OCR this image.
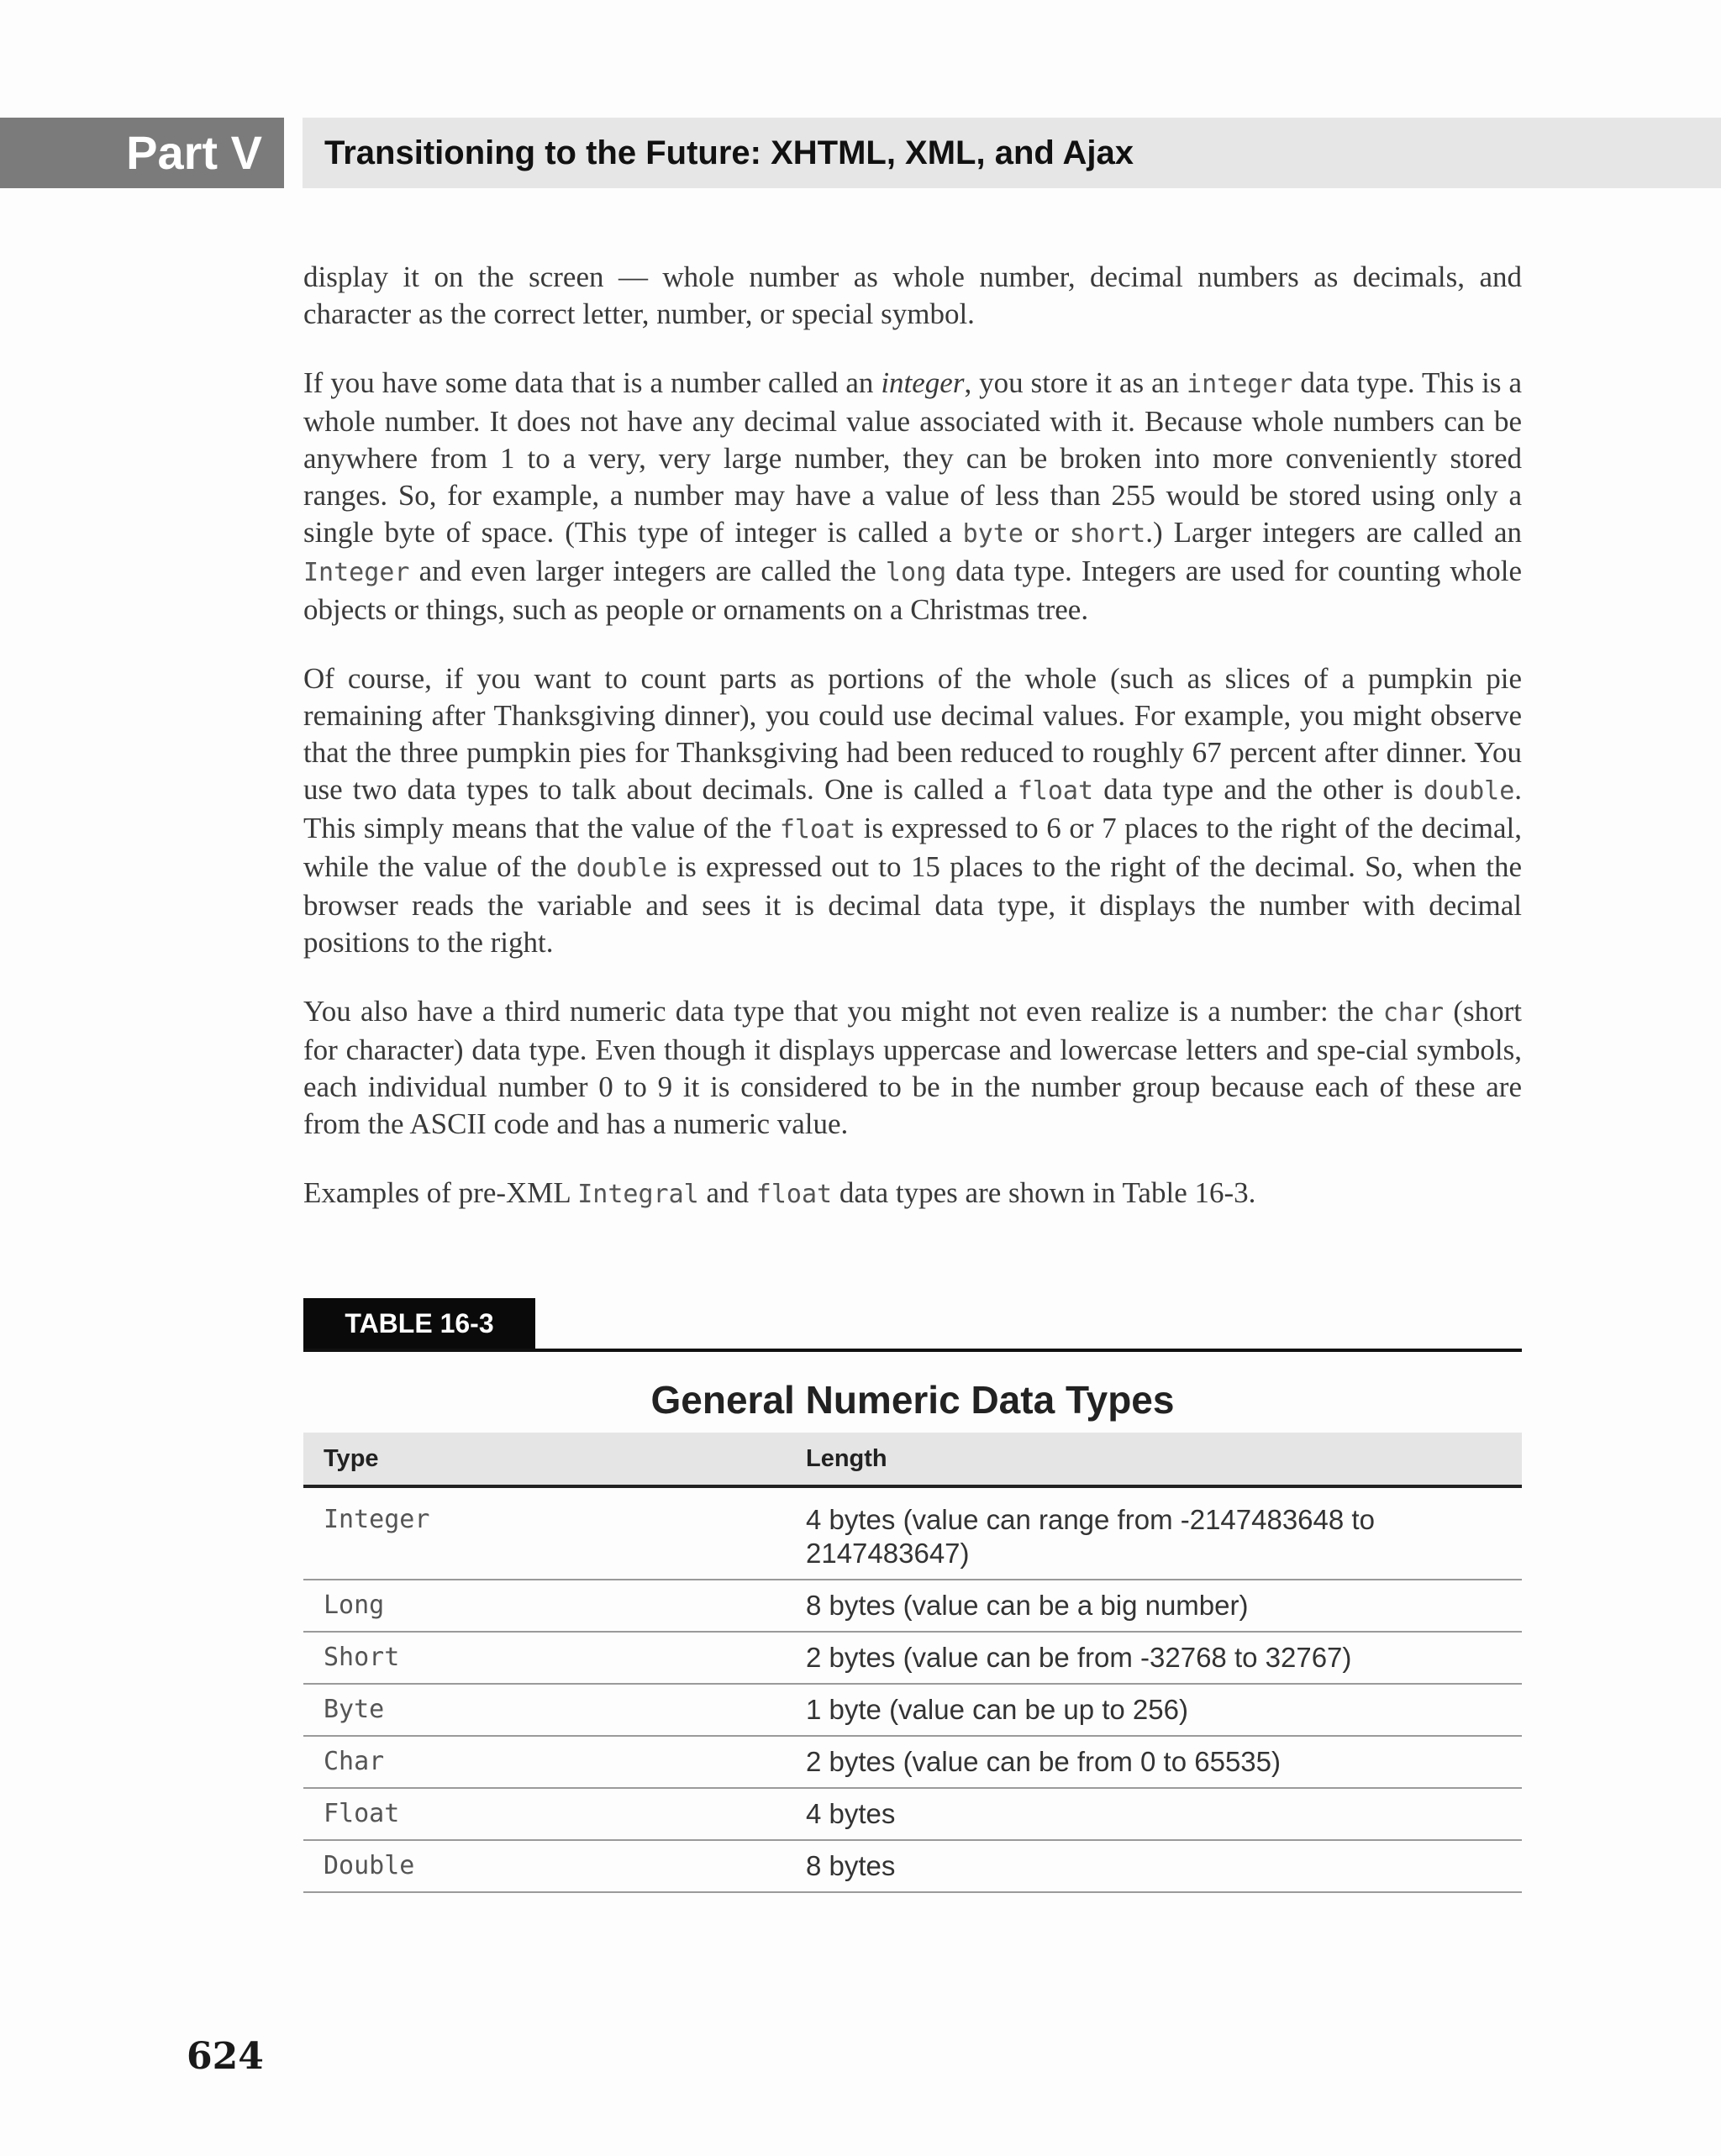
Part V	Transitioning to the Future: XHTML, XML, and Ajax

display it on the screen — whole number as whole number, decimal numbers as decimals, and character as the correct letter, number, or special symbol.

If you have some data that is a number called an integer, you store it as an integer data type. This is a whole number. It does not have any decimal value associated with it. Because whole numbers can be anywhere from 1 to a very, very large number, they can be broken into more conveniently stored ranges. So, for example, a number may have a value of less than 255 would be stored using only a single byte of space. (This type of integer is called a byte or short.) Larger integers are called an Integer and even larger integers are called the long data type. Integers are used for counting whole objects or things, such as people or ornaments on a Christmas tree.

Of course, if you want to count parts as portions of the whole (such as slices of a pumpkin pie remaining after Thanksgiving dinner), you could use decimal values. For example, you might observe that the three pumpkin pies for Thanksgiving had been reduced to roughly 67 percent after dinner. You use two data types to talk about decimals. One is called a float data type and the other is double. This simply means that the value of the float is expressed to 6 or 7 places to the right of the decimal, while the value of the double is expressed out to 15 places to the right of the decimal. So, when the browser reads the variable and sees it is decimal data type, it displays the number with decimal positions to the right.

You also have a third numeric data type that you might not even realize is a number: the char (short for character) data type. Even though it displays uppercase and lowercase letters and spe-cial symbols, each individual number 0 to 9 it is considered to be in the number group because each of these are from the ASCII code and has a numeric value.

Examples of pre-XML Integral and float data types are shown in Table 16-3.

TABLE 16-3
General Numeric Data Types
Type	Length
Integer	4 bytes (value can range from -2147483648 to 2147483647)
Long	8 bytes (value can be a big number)
Short	2 bytes (value can be from -32768 to 32767)
Byte	1 byte (value can be up to 256)
Char	2 bytes (value can be from 0 to 65535)
Float	4 bytes
Double	8 bytes
624
